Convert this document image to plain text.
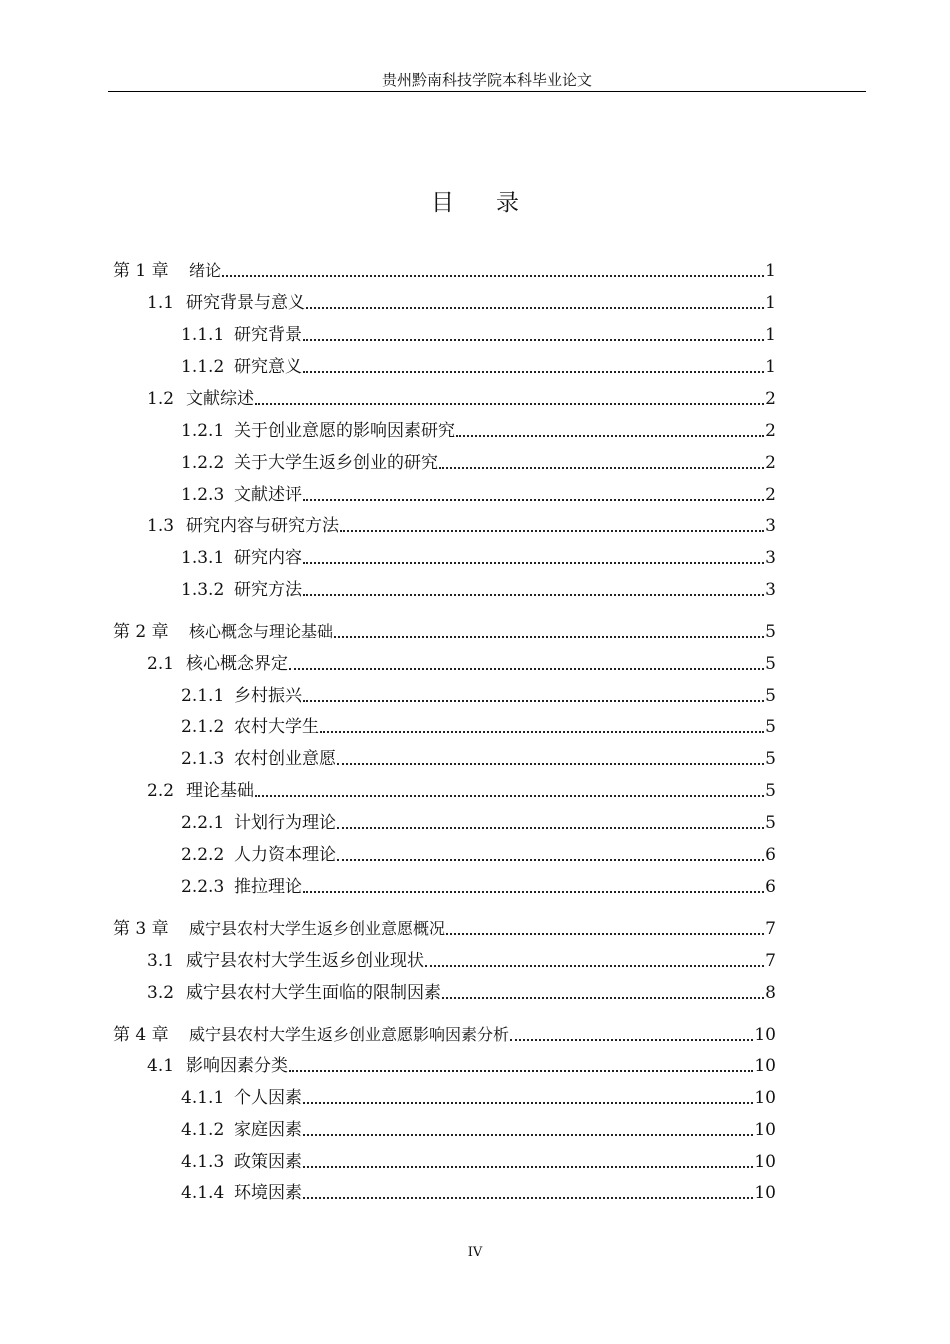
贵州黔南科技学院本科毕业论文
目录
第 1 章	绪论	1
1.1 研究背景与意义	1
1.1.1 研究背景	1
1.1.2 研究意义	1
1.2 文献综述	2
1.2.1 关于创业意愿的影响因素研究	2
1.2.2 关于大学生返乡创业的研究	2
1.2.3 文献述评	2
1.3 研究内容与研究方法	3
1.3.1 研究内容	3
1.3.2 研究方法	3
第 2 章	核心概念与理论基础	5
2.1 核心概念界定	5
2.1.1 乡村振兴	5
2.1.2 农村大学生	5
2.1.3 农村创业意愿	5
2.2 理论基础	5
2.2.1 计划行为理论	5
2.2.2 人力资本理论	6
2.2.3 推拉理论	6
第 3 章	威宁县农村大学生返乡创业意愿概况	7
3.1 威宁县农村大学生返乡创业现状	7
3.2 威宁县农村大学生面临的限制因素	8
第 4 章	威宁县农村大学生返乡创业意愿影响因素分析	10
4.1 影响因素分类	10
4.1.1 个人因素	10
4.1.2 家庭因素	10
4.1.3 政策因素	10
4.1.4 环境因素	10
IV
